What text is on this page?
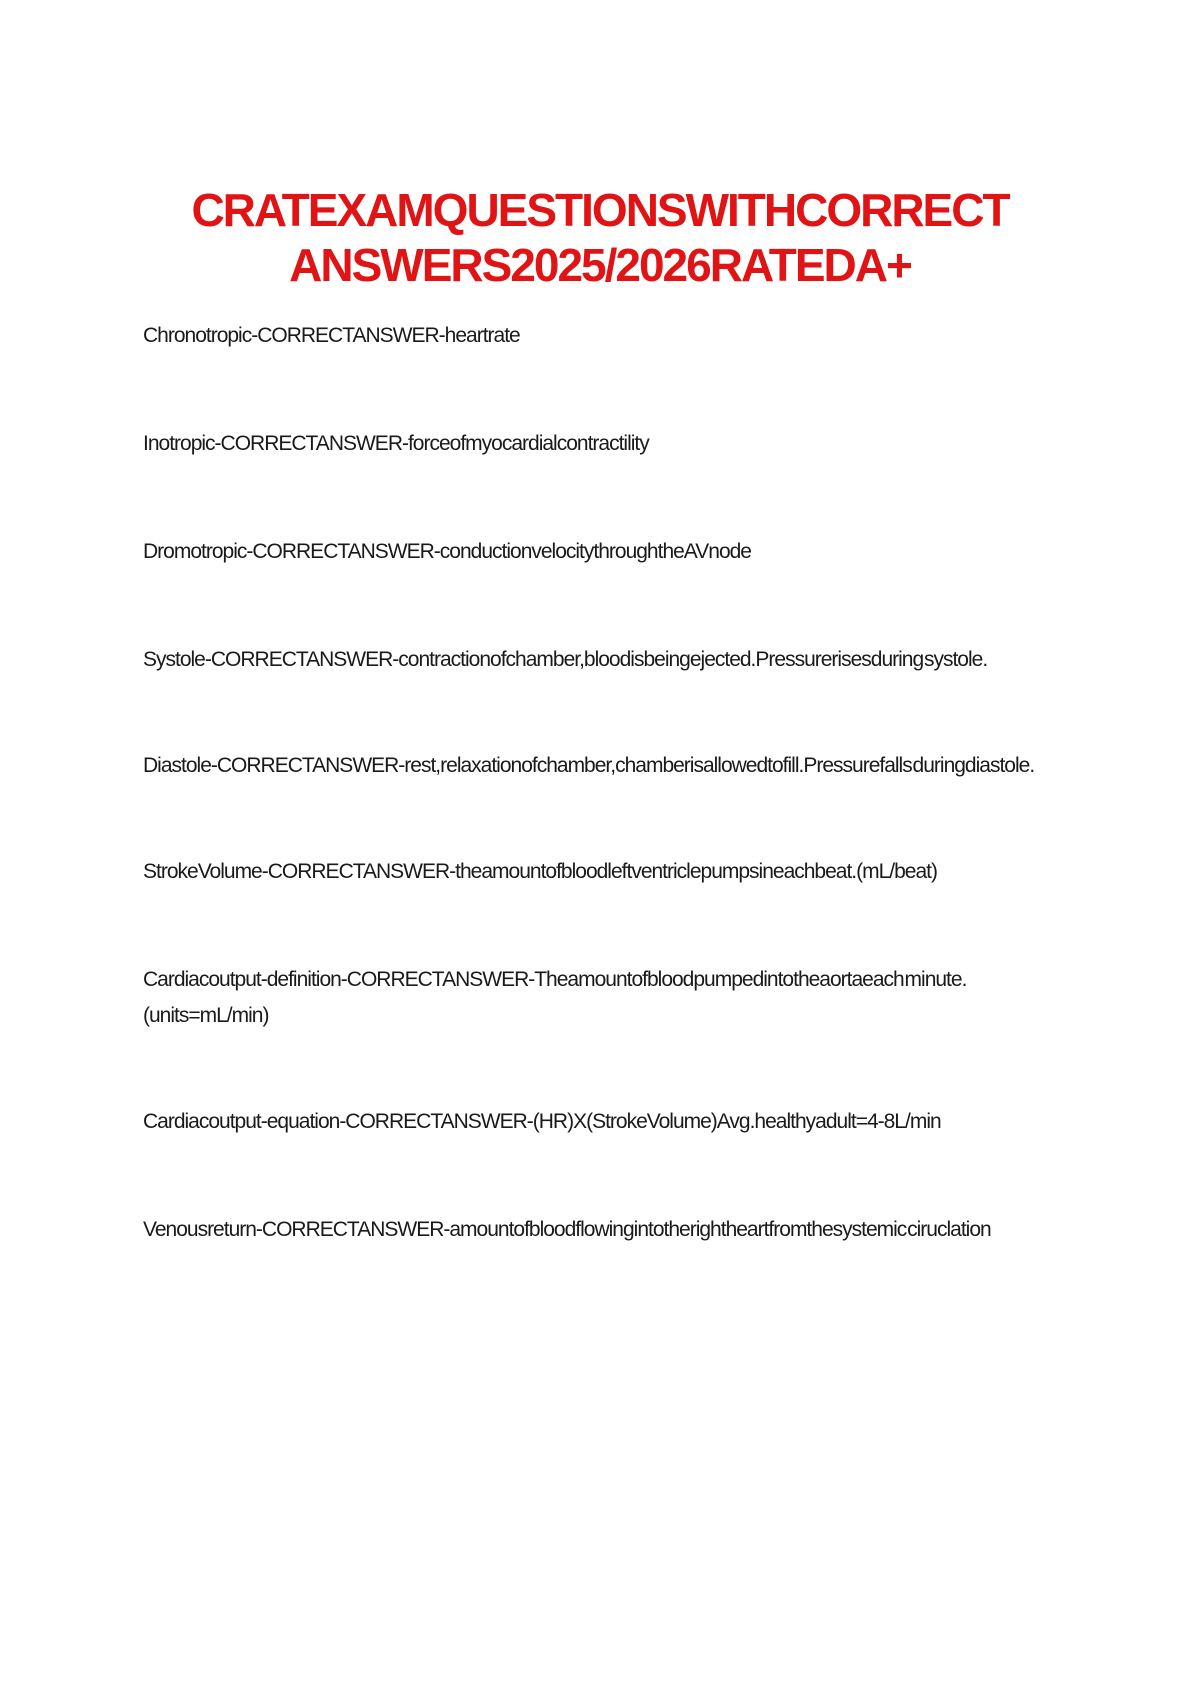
CRATEXAMQUESTIONSWITHCORRECT
ANSWERS2025/2026RATEDA+

Chronotropic-CORRECTANSWER-heartrate

Inotropic-CORRECTANSWER-forceofmyocardialcontractility

Dromotropic-CORRECTANSWER-conductionvelocitythroughtheAVnode

Systole-CORRECTANSWER-contractionofchamber,bloodisbeingejected.Pressurerisesduring systole.

Diastole-CORRECTANSWER-rest,relaxationofchamber,chamberisallowedtofill.Pressurefalls duringdiastole.

StrokeVolume-CORRECTANSWER-theamountofbloodleftventriclepumpsineachbeat.(mL/beat)

Cardiacoutput-definition-CORRECTANSWER-Theamountofbloodpumpedintotheaortaeach minute.(units=mL/min)

Cardiacoutput-equation-CORRECTANSWER-(HR)X(StrokeVolume)Avg.healthyadult=4-8L/min

Venousreturn-CORRECTANSWER-amountofbloodflowingintotherightheartfromthesystemic ciruclation
